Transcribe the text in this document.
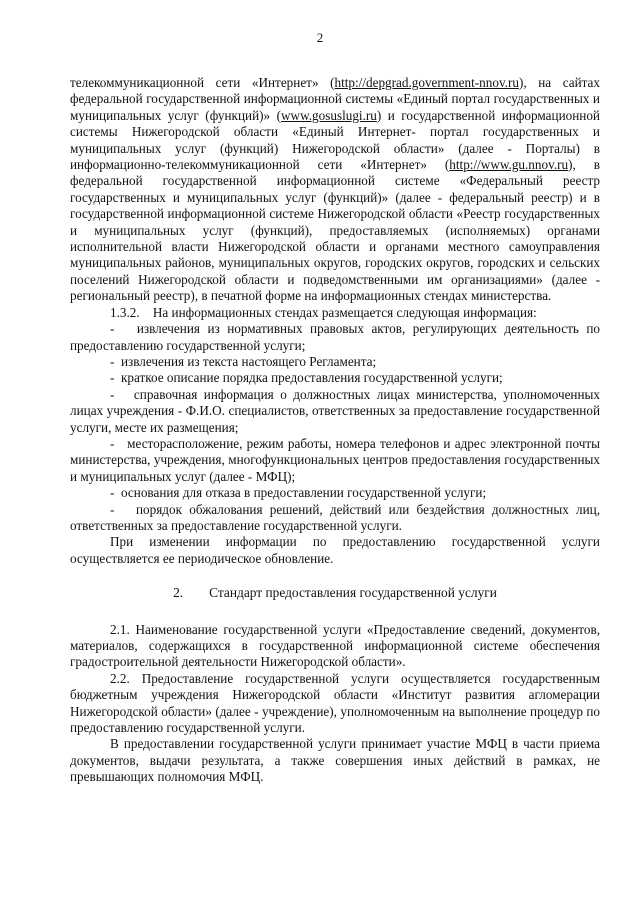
2

телекоммуникационной сети «Интернет» (http://depgrad.government-nnov.ru), на сайтах федеральной государственной информационной системы «Единый портал государственных и муниципальных услуг (функций)» (www.gosuslugi.ru) и государственной информационной системы Нижегородской области «Единый Интернет- портал государственных и муниципальных услуг (функций) Нижегородской области» (далее - Порталы) в информационно-телекоммуникационной сети «Интернет» (http://www.gu.nnov.ru), в федеральной государственной информационной системе «Федеральный реестр государственных и муниципальных услуг (функций)» (далее - федеральный реестр) и в государственной информационной системе Нижегородской области «Реестр государственных и муниципальных услуг (функций), предоставляемых (исполняемых) органами исполнительной власти Нижегородской области и органами местного самоуправления муниципальных районов, муниципальных округов, городских округов, городских и сельских поселений Нижегородской области и подведомственными им организациями» (далее - региональный реестр), в печатной форме на информационных стендах министерства.

1.3.2.    На информационных стендах размещается следующая информация:

-   извлечения из нормативных правовых актов, регулирующих деятельность по предоставлению государственной услуги;

-  извлечения из текста настоящего Регламента;

-  краткое описание порядка предоставления государственной услуги;

-   справочная информация о должностных лицах министерства, уполномоченных лицах учреждения - Ф.И.О. специалистов, ответственных за предоставление государственной услуги, месте их размещения;

-   месторасположение, режим работы, номера телефонов и адрес электронной почты министерства, учреждения, многофункциональных центров предоставления государственных и муниципальных услуг (далее - МФЦ);

-  основания для отказа в предоставлении государственной услуги;

-   порядок обжалования решений, действий или бездействия должностных лиц, ответственных за предоставление государственной услуги.

При изменении информации по предоставлению государственной услуги осуществляется ее периодическое обновление.

2. Стандарт предоставления государственной услуги

2.1. Наименование государственной услуги «Предоставление сведений, документов, материалов, содержащихся в государственной информационной системе обеспечения градостроительной деятельности Нижегородской области».

2.2. Предоставление государственной услуги осуществляется государственным бюджетным учреждения Нижегородской области «Институт развития агломерации Нижегородской области» (далее - учреждение), уполномоченным на выполнение процедур по предоставлению государственной услуги.

В предоставлении государственной услуги принимает участие МФЦ в части приема документов, выдачи результата, а также совершения иных действий в рамках, не превышающих полномочия МФЦ.
